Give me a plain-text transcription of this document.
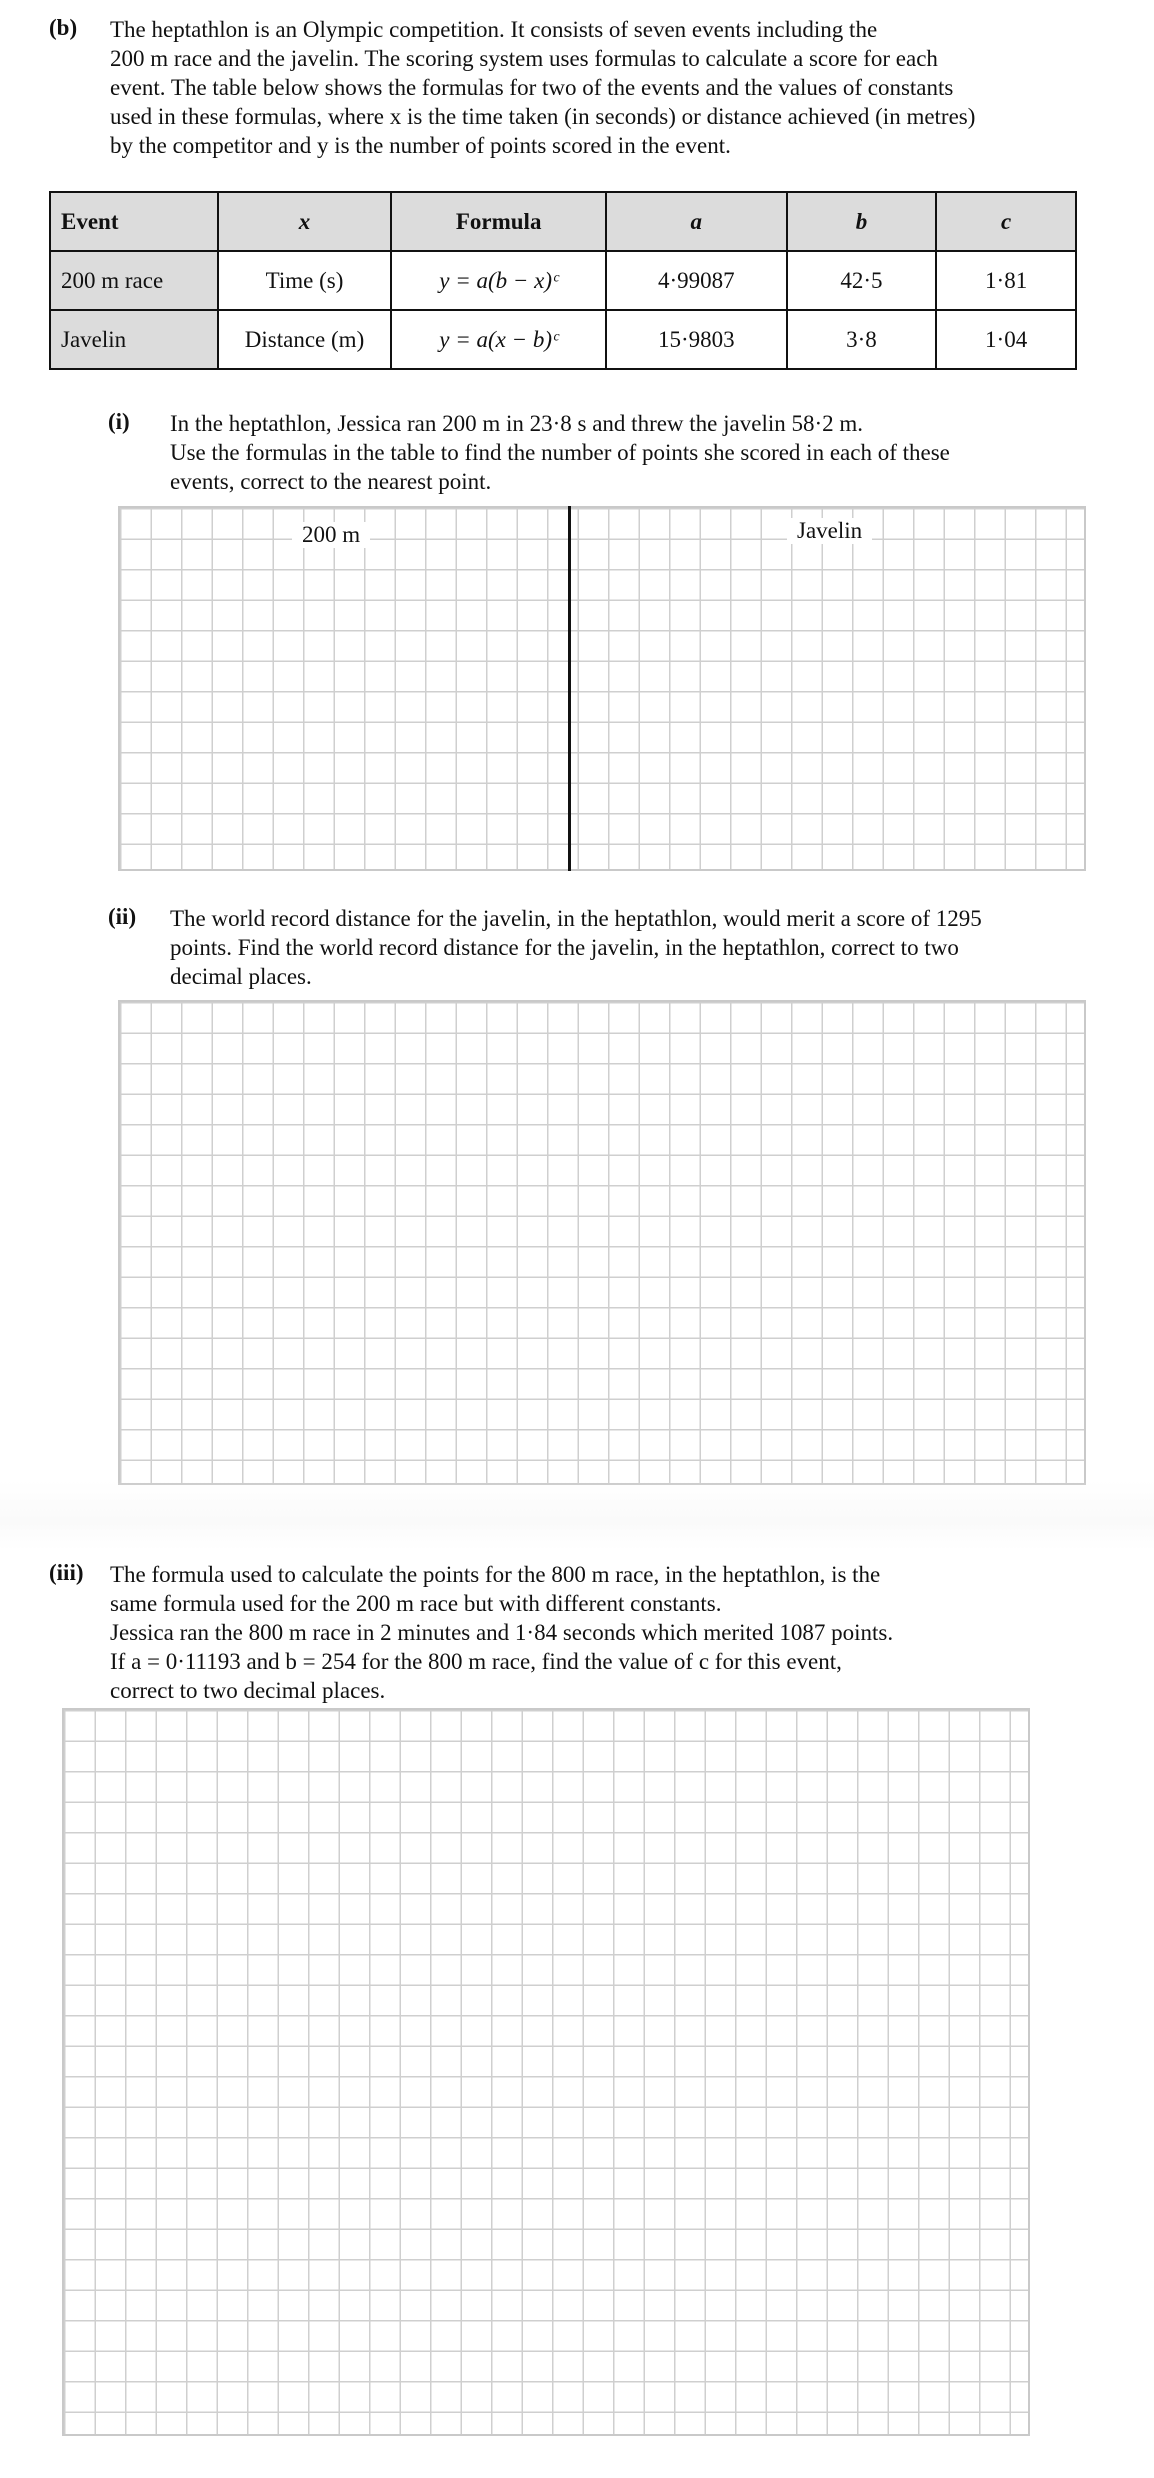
(b) The heptathlon is an Olympic competition. It consists of seven events including the

200 m race and the javelin. The scoring system uses formulas to calculate a score for each

event. The table below shows the formulas for two of the events and the values of constants

used in these formulas, where x is the time taken (in seconds) or distance achieved (in metres)

by the competitor and y is the number of points scored in the event.

Event	x	Formula	a	b	c
200 m race	Time (s)	y = a(b − x)ᶜ	4·99087	42·5	1·81
Javelin	Distance (m)	y = a(x − b)ᶜ	15·9803	3·8	1·04
(i) In the heptathlon, Jessica ran 200 m in 23·8 s and threw the javelin 58·2 m.

Use the formulas in the table to find the number of points she scored in each of these

events, correct to the nearest point.

200 m	Javelin
(ii) The world record distance for the javelin, in the heptathlon, would merit a score of 1295

points. Find the world record distance for the javelin, in the heptathlon, correct to two

decimal places.

(iii) The formula used to calculate the points for the 800 m race, in the heptathlon, is the

same formula used for the 200 m race but with different constants.

Jessica ran the 800 m race in 2 minutes and 1·84 seconds which merited 1087 points.

If a = 0·11193 and b = 254 for the 800 m race, find the value of c for this event,

correct to two decimal places.
